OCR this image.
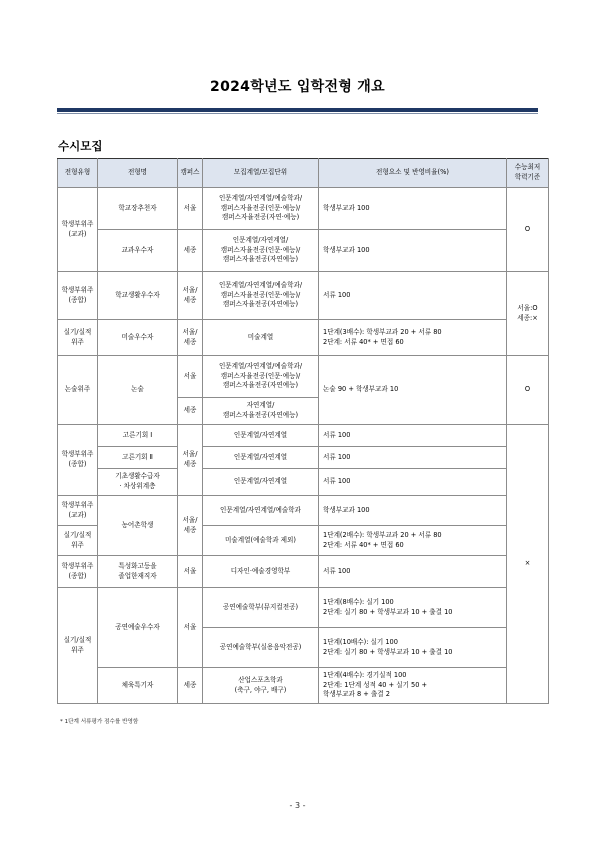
2024학년도 입학전형 개요
수시모집
전형유형	전형명	캠퍼스	모집계열/모집단위	전형요소 및 반영비율(%)	수능최저
학력기준
학생부위주
(교과)	학교장추천자	서울	인문계열/자연계열/예술학과/
캠퍼스자율전공(인문·예능)/
캠퍼스자율전공(자연·예능)	학생부교과 100	O
	교과우수자	세종	인문계열/자연계열/
캠퍼스자율전공(인문·예능)/
캠퍼스자율전공(자연예능)	학생부교과 100	
학생부위주
(종합)	학교생활우수자	서울/
세종	인문계열/자연계열/예술학과/
캠퍼스자율전공(인문·예능)/
캠퍼스자율전공(자연예능)	서류 100	서울:O
세종:×
실기/실적
위주	미술우수자	서울/
세종	미술계열	1단계(3배수): 학생부교과 20 + 서류 80
2단계: 서류 40* + 면접 60	
논술위주	논술	서울	인문계열/자연계열/예술학과/
캠퍼스자율전공(인문·예능)/
캠퍼스자율전공(자연예능)	논술 90 + 학생부교과 10	O
		세종	자연계열/
캠퍼스자율전공(자연예능)		
학생부위주
(종합)	고른기회 Ⅰ	서울/
세종	인문계열/자연계열	서류 100	×
	고른기회 Ⅱ		인문계열/자연계열	서류 100	
	기초생활수급자
· 차상위계층		인문계열/자연계열	서류 100	
학생부위주
(교과)	농어촌학생	서울/
세종	인문계열/자연계열/예술학과	학생부교과 100	
실기/실적
위주			미술계열(예술학과 제외)	1단계(2배수): 학생부교과 20 + 서류 80
2단계: 서류 40* + 면접 60	
학생부위주
(종합)	특성화고등을
졸업한재직자	서울	디자인·예술경영학부	서류 100	
실기/실적
위주	공연예술우수자	서울	공연예술학부(뮤지컬전공)	1단계(8배수): 실기 100
2단계: 실기 80 + 학생부교과 10 + 출결 10	
			공연예술학부(실용음악전공)	1단계(10배수): 실기 100
2단계: 실기 80 + 학생부교과 10 + 출결 10	
	체육특기자	세종	산업스포츠학과
(축구, 야구, 배구)	1단계(4배수): 경기실적 100
2단계: 1단계 성적 40 + 실기 50 +
학생부교과 8 + 출결 2	
* 1단계 서류평가 점수를 반영함
- 3 -
